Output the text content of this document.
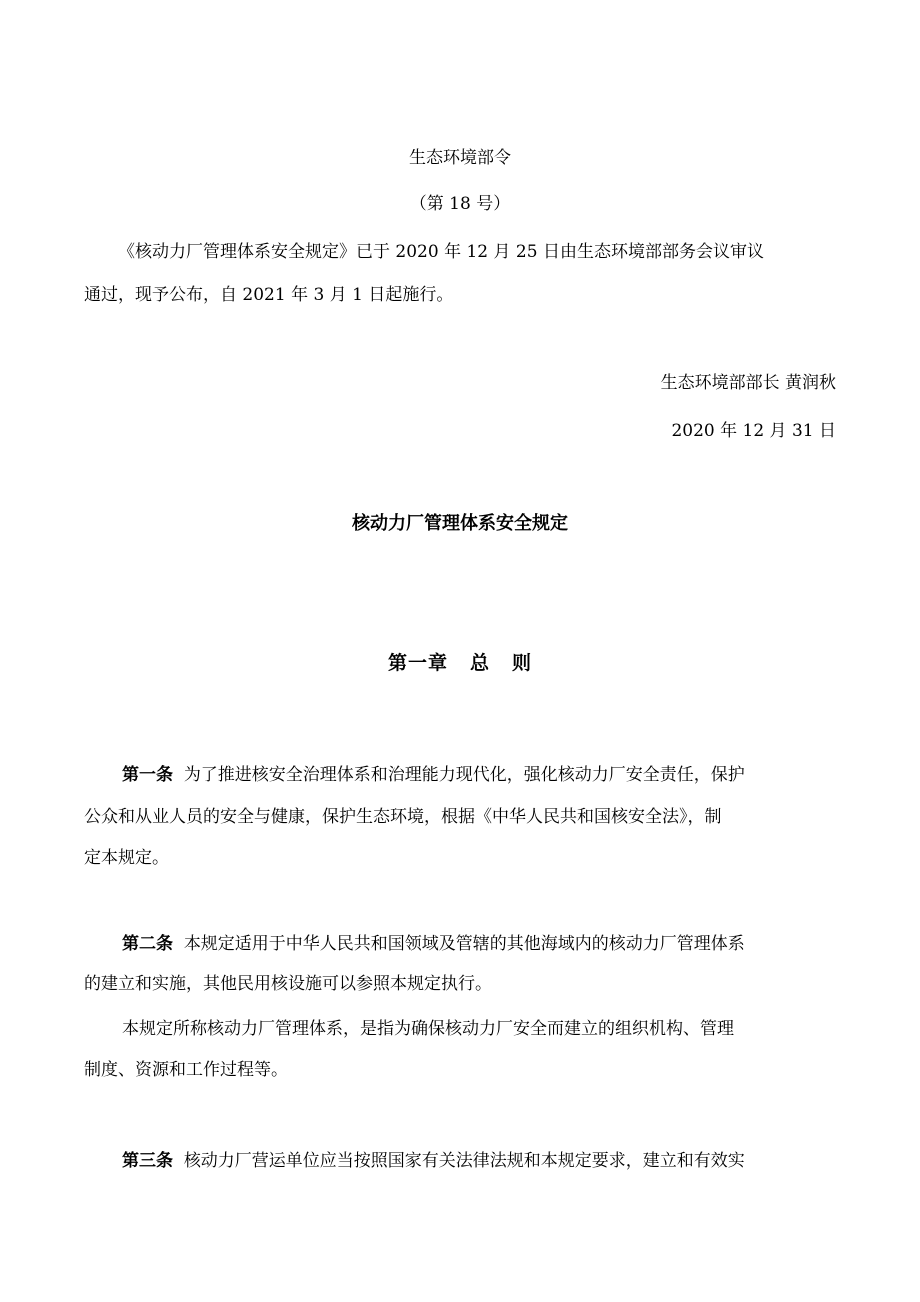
生态环境部令
（第 18 号）
《核动力厂管理体系安全规定》已于 2020 年 12 月 25 日由生态环境部部务会议审议
通过，现予公布，自 2021 年 3 月 1 日起施行。
生态环境部部长 黄润秋
2020 年 12 月 31 日
核动力厂管理体系安全规定
第一章 总 则
第一条 为了推进核安全治理体系和治理能力现代化，强化核动力厂安全责任，保护
公众和从业人员的安全与健康，保护生态环境，根据《中华人民共和国核安全法》，制
定本规定。
第二条 本规定适用于中华人民共和国领域及管辖的其他海域内的核动力厂管理体系
的建立和实施，其他民用核设施可以参照本规定执行。
本规定所称核动力厂管理体系，是指为确保核动力厂安全而建立的组织机构、管理
制度、资源和工作过程等。
第三条 核动力厂营运单位应当按照国家有关法律法规和本规定要求，建立和有效实
